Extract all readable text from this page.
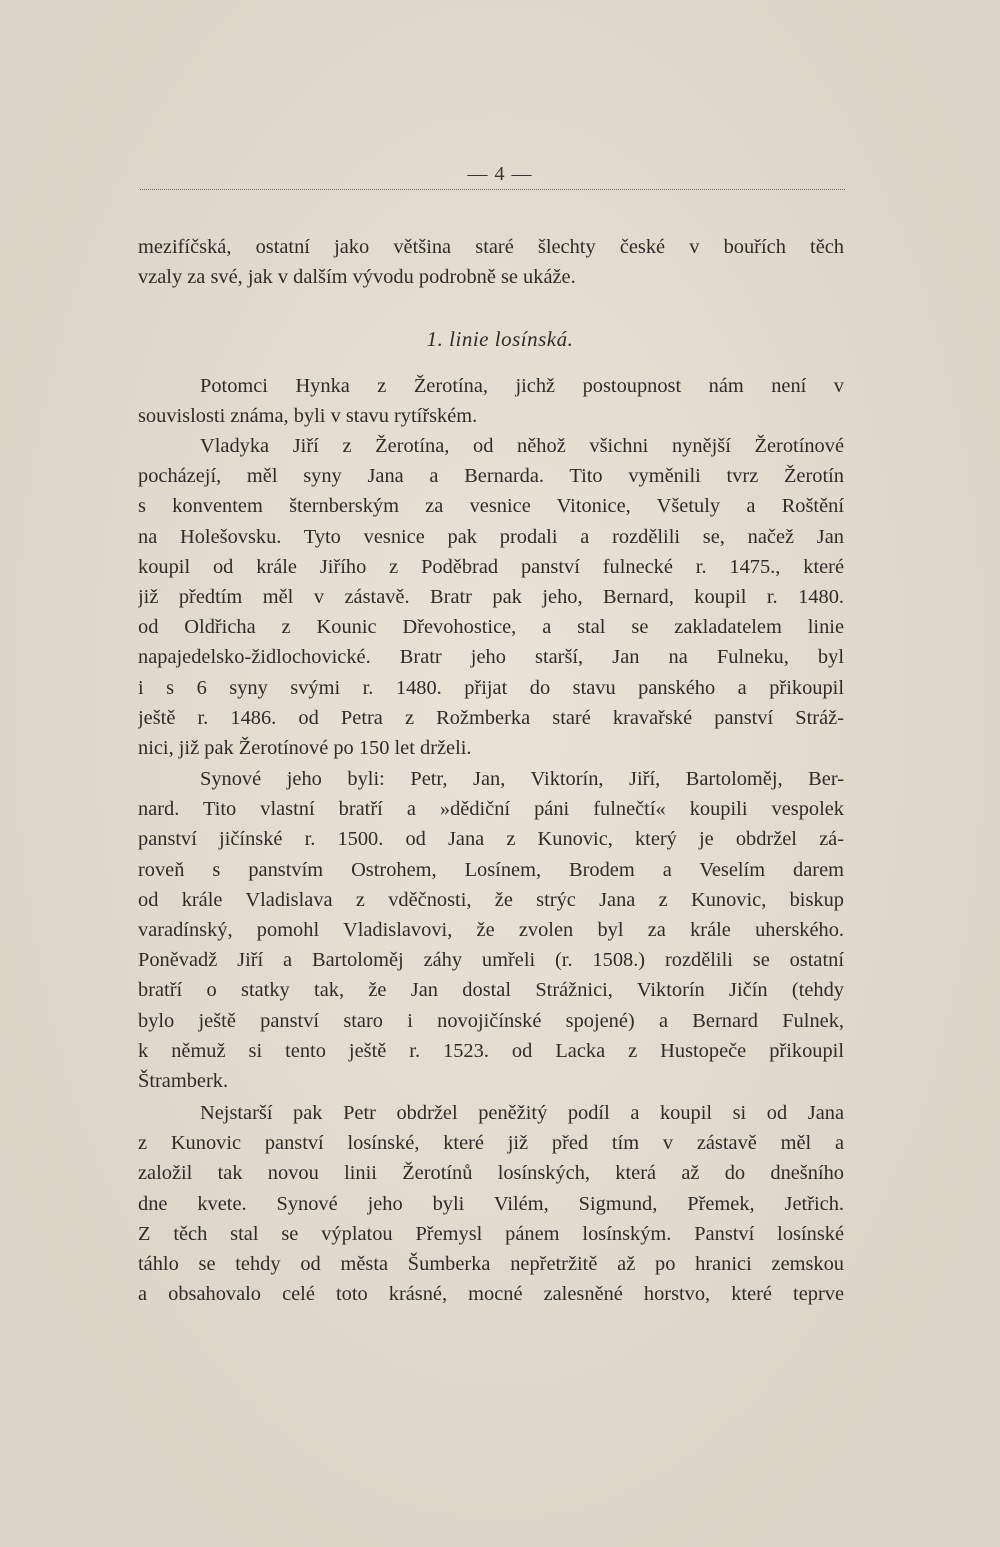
— 4 —
mezifíčská, ostatní jako většina staré šlechty české v bouřích těch
vzaly za své, jak v dalším vývodu podrobně se ukáže.
1. linie losínská.
Potomci Hynka z Žerotína, jichž postoupnost nám není v
souvislosti známa, byli v stavu rytířském.
Vladyka Jiří z Žerotína, od něhož všichni nynější Žerotínové
pocházejí, měl syny Jana a Bernarda. Tito vyměnili tvrz Žerotín
s konventem šternberským za vesnice Vitonice, Všetuly a Roštění
na Holešovsku. Tyto vesnice pak prodali a rozdělili se, načež Jan
koupil od krále Jiřího z Poděbrad panství fulnecké r. 1475., které
již předtím měl v zástavě. Bratr pak jeho, Bernard, koupil r. 1480.
od Oldřicha z Kounic Dřevohostice, a stal se zakladatelem linie
napajedelsko-židlochovické. Bratr jeho starší, Jan na Fulneku, byl
i s 6 syny svými r. 1480. přijat do stavu panského a přikoupil
ještě r. 1486. od Petra z Rožmberka staré kravařské panství Stráž-
nici, již pak Žerotínové po 150 let drželi.
Synové jeho byli: Petr, Jan, Viktorín, Jiří, Bartoloměj, Ber-
nard. Tito vlastní bratří a »dědiční páni fulnečtí« koupili vespolek
panství jičínské r. 1500. od Jana z Kunovic, který je obdržel zá-
roveň s panstvím Ostrohem, Losínem, Brodem a Veselím darem
od krále Vladislava z vděčnosti, že strýc Jana z Kunovic, biskup
varadínský, pomohl Vladislavovi, že zvolen byl za krále uherského.
Poněvadž Jiří a Bartoloměj záhy umřeli (r. 1508.) rozdělili se ostatní
bratří o statky tak, že Jan dostal Strážnici, Viktorín Jičín (tehdy
bylo ještě panství staro i novojičínské spojené) a Bernard Fulnek,
k němuž si tento ještě r. 1523. od Lacka z Hustopeče přikoupil
Štramberk.
Nejstarší pak Petr obdržel peněžitý podíl a koupil si od Jana
z Kunovic panství losínské, které již před tím v zástavě měl a
založil tak novou linii Žerotínů losínských, která až do dnešního
dne kvete. Synové jeho byli Vilém, Sigmund, Přemek, Jetřich.
Z těch stal se výplatou Přemysl pánem losínským. Panství losínské
táhlo se tehdy od města Šumberka nepřetržitě až po hranici zemskou
a obsahovalo celé toto krásné, mocné zalesněné horstvo, které teprve
